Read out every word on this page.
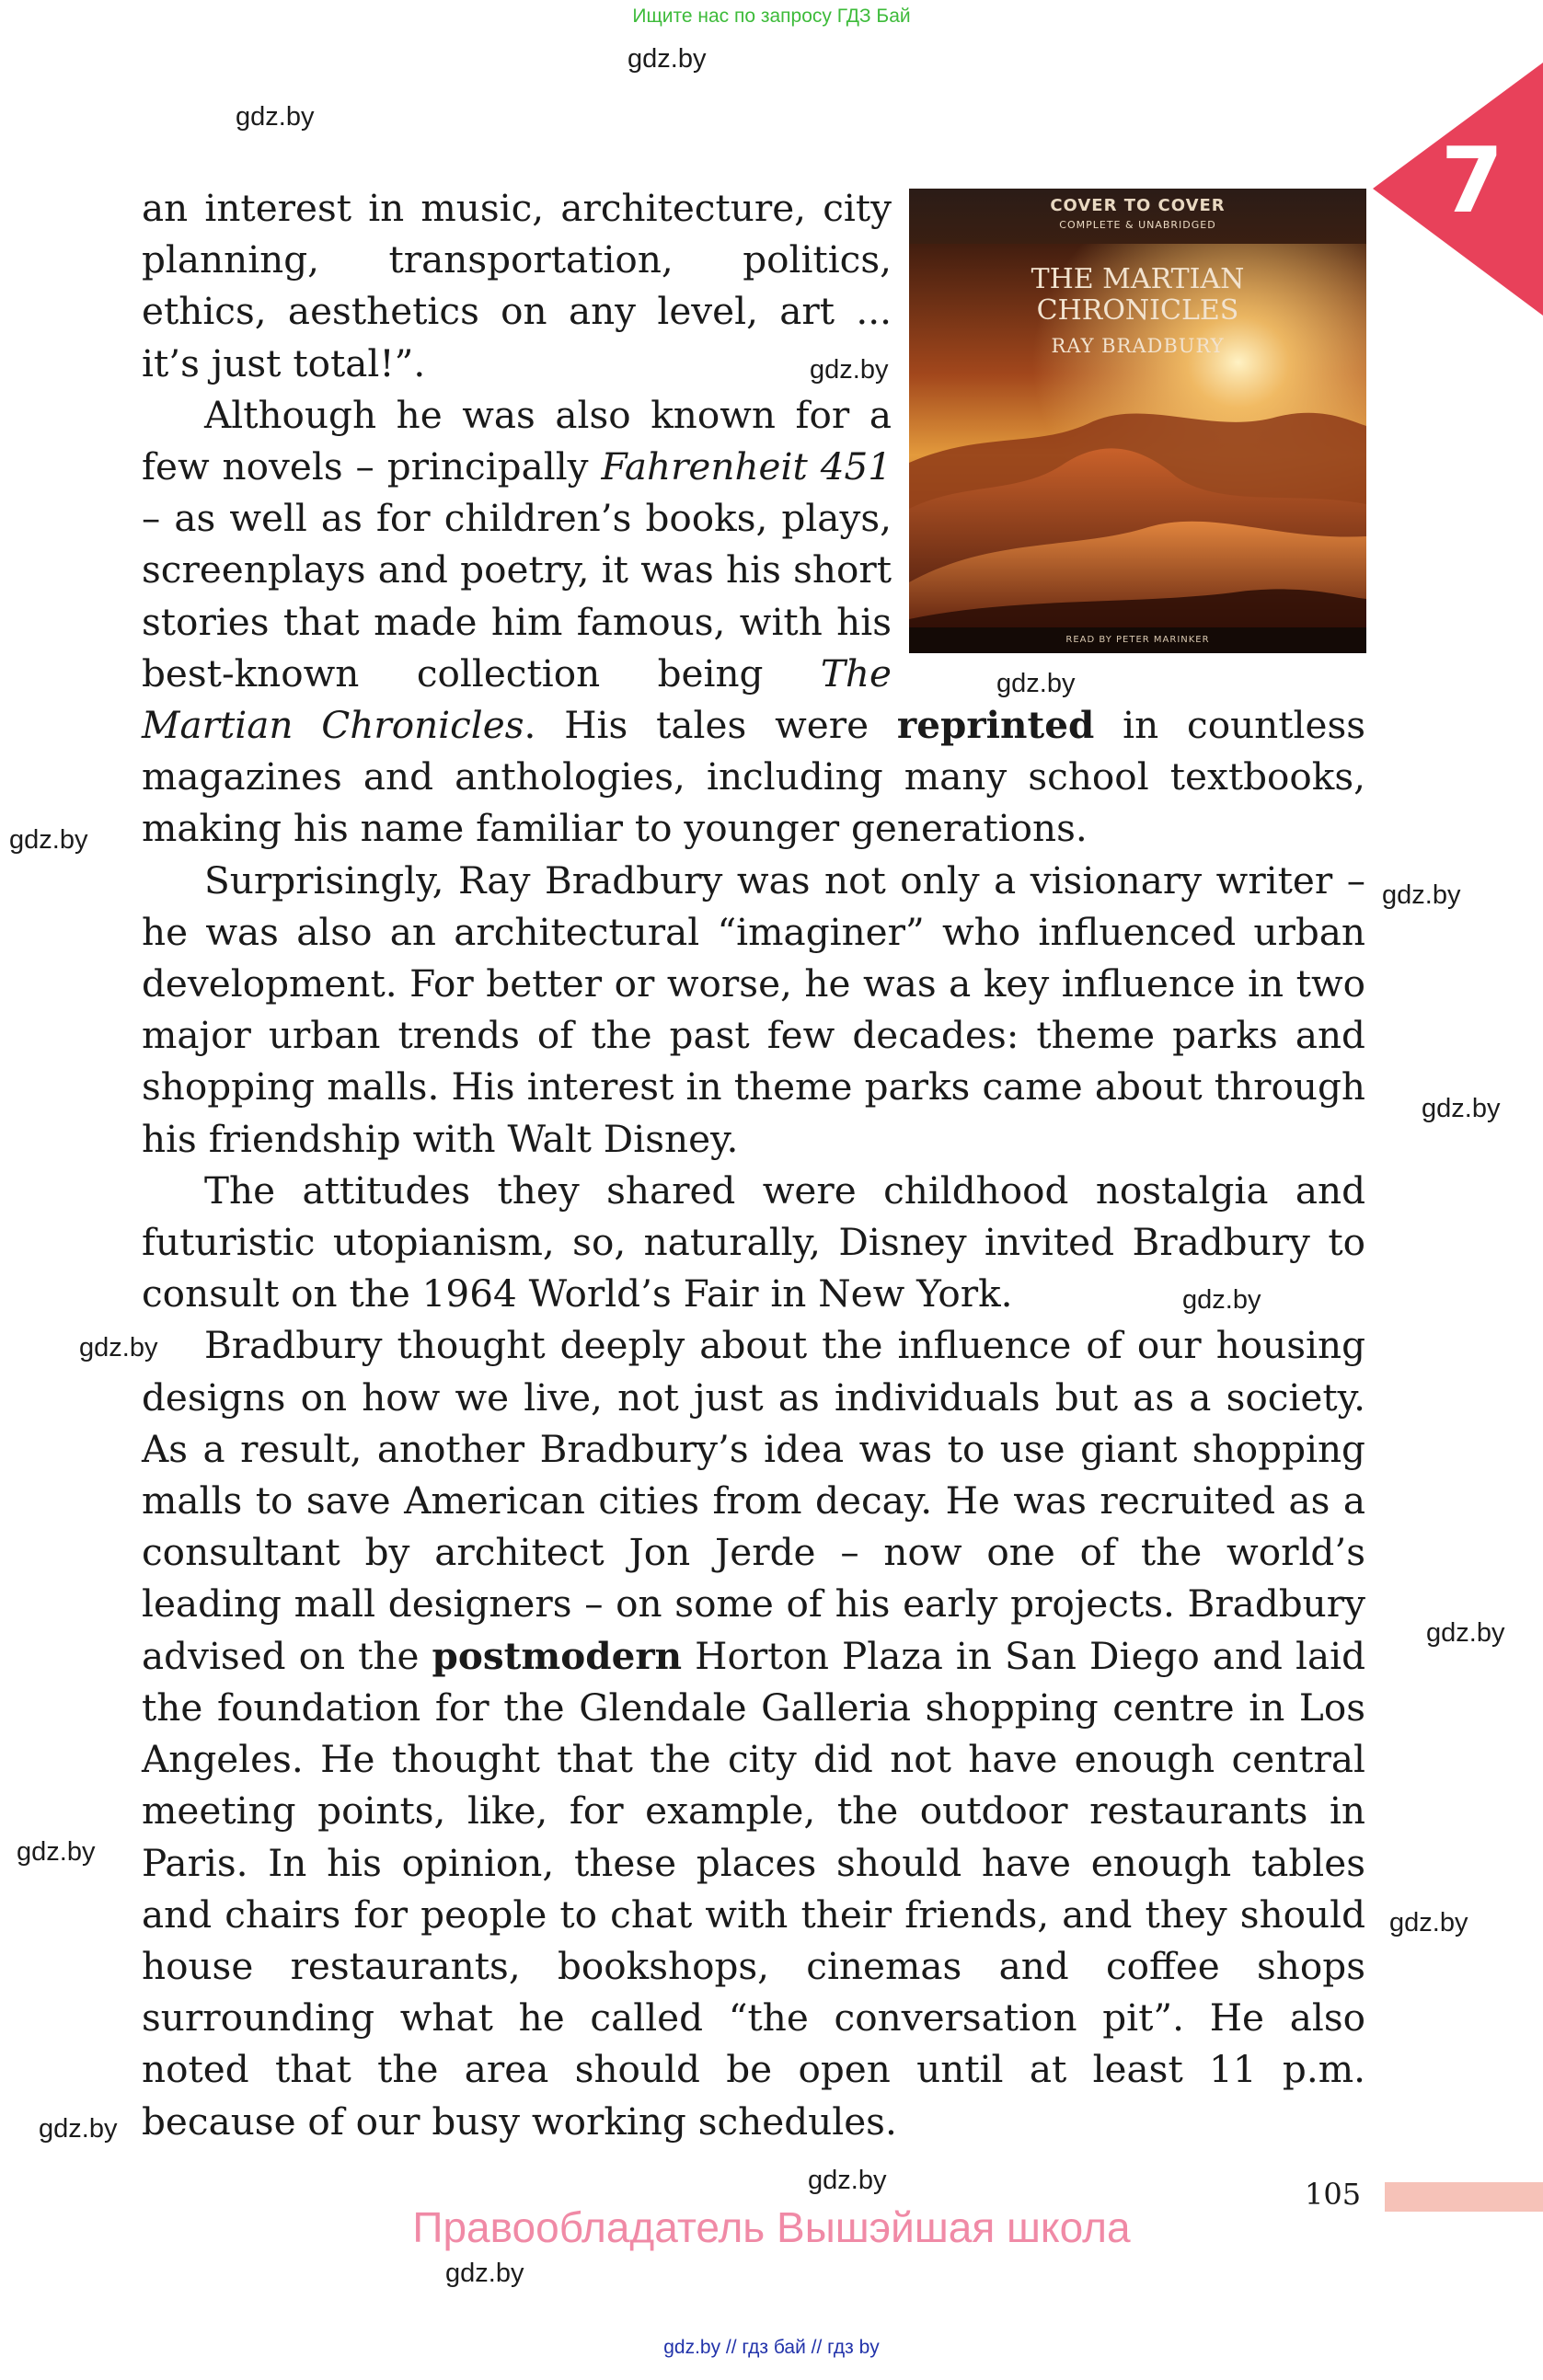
Ищите нас по запросу ГДЗ Бай
gdz.by
gdz.by
gdz.by
gdz.by
gdz.by
gdz.by
gdz.by
gdz.by
gdz.by
gdz.by
gdz.by
gdz.by
gdz.by
gdz.by
gdz.by
7
COVER TO COVER
COMPLETE & UNABRIDGED
THE MARTIAN
CHRONICLES
RAY BRADBURY
READ BY PETER MARINKER

an interest in music, architecture, city planning, transportation, politics, ethics, aesthetics on any level, art ... it’s just total!”.

Although he was also known for a few novels – principally Fahrenheit 451 – as well as for children’s books, plays, screenplays and poetry, it was his short stories that made him famous, with his best-known collection being The Martian Chronicles. His tales were reprinted in countless magazines and anthologies, including many school textbooks, making his name familiar to younger generations.

Surprisingly, Ray Bradbury was not only a visionary writer – he was also an architectural “imaginer” who influenced urban development. For better or worse, he was a key influence in two major urban trends of the past few decades: theme parks and shopping malls. His interest in theme parks came about through his friendship with Walt Disney.

The attitudes they shared were childhood nostalgia and futuristic utopianism, so, naturally, Disney invited Bradbury to consult on the 1964 World’s Fair in New York.

Bradbury thought deeply about the influence of our housing designs on how we live, not just as individuals but as a society. As a result, another Bradbury’s idea was to use giant shopping malls to save American cities from decay. He was recruited as a consultant by architect Jon Jerde – now one of the world’s leading mall designers – on some of his early projects. Bradbury advised on the postmodern Horton Plaza in San Diego and laid the foundation for the Glendale Galleria shopping centre in Los Angeles. He thought that the city did not have enough central meeting points, like, for example, the outdoor restaurants in Paris. In his opinion, these places should have enough tables and chairs for people to chat with their friends, and they should house restaurants, bookshops, cinemas and coffee shops surrounding what he called “the conversation pit”. He also noted that the area should be open until at least 11 p.m. because of our busy working schedules.

105
Правообладатель Вышэйшая школа
gdz.by // гдз бай // гдз by
